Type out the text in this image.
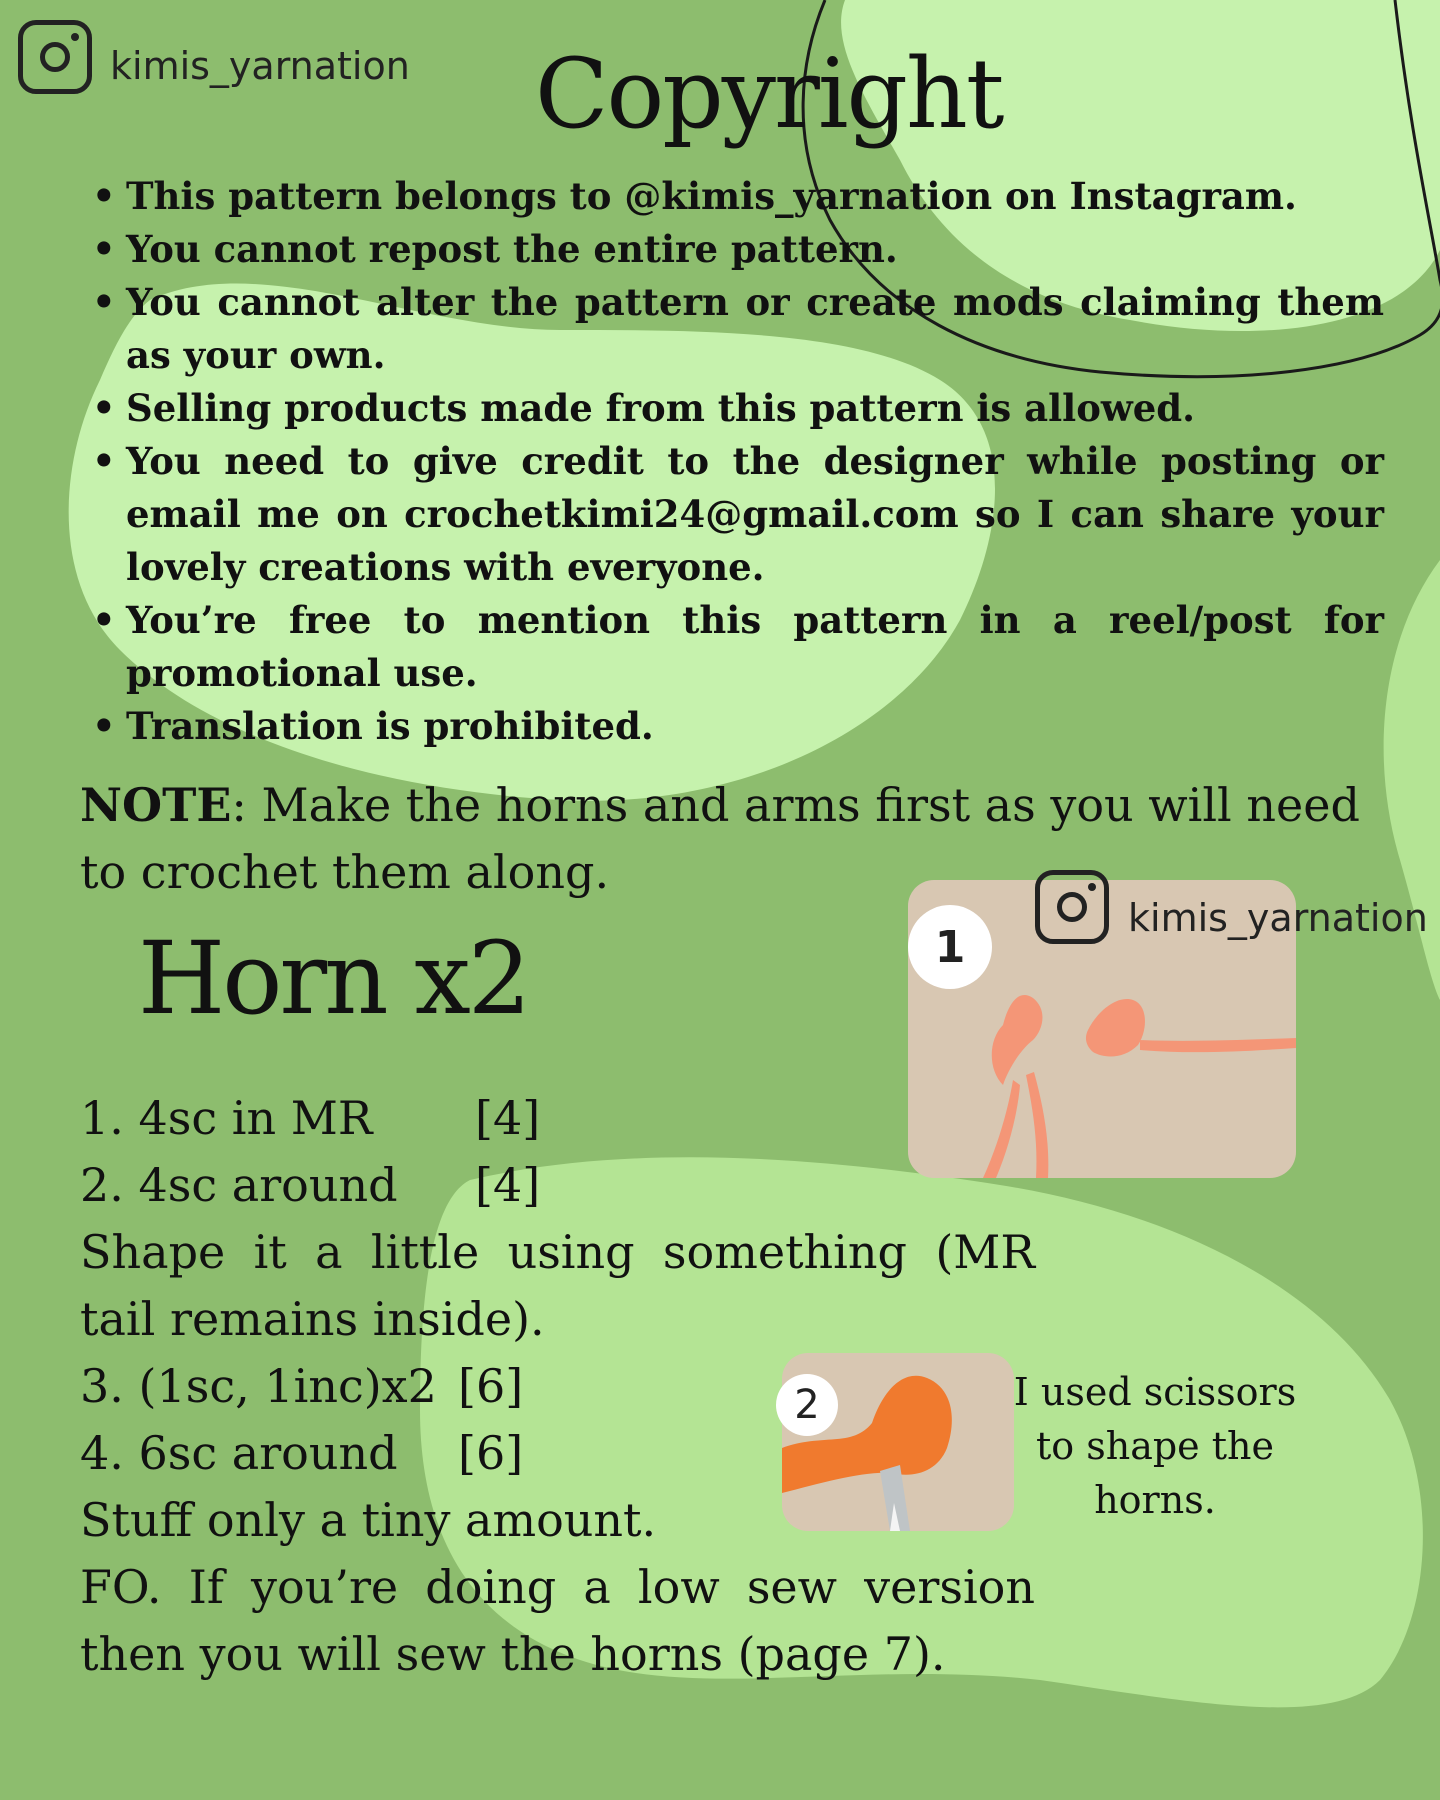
kimis_yarnation Copyright
• This pattern belongs to @kimis_yarnation on Instagram.
• You cannot repost the entire pattern.
• You cannot alter the pattern or create mods claiming them as your own.
• Selling products made from this pattern is allowed.
• You need to give credit to the designer while posting or email me on crochetkimi24@gmail.com so I can share your lovely creations with everyone.
• You’re free to mention this pattern in a reel/post for promotional use.
• Translation is prohibited.
NOTE: Make the horns and arms first as you will need to crochet them along.
Horn x2
1. 4sc in MR [4]
2. 4sc around [4]
Shape it a little using something (MR tail remains inside).
3. (1sc, 1inc)x2 [6]
4. 6sc around [6]
Stuff only a tiny amount.
FO. If you’re doing a low sew version then you will sew the horns (page 7).
1
kimis_yarnation
2	I used scissors to shape the horns.
